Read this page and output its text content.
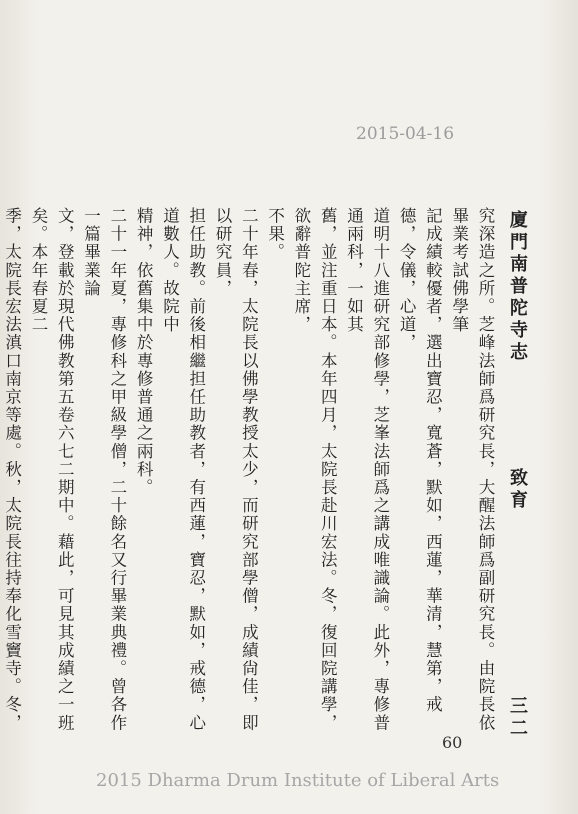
2015-04-16
廈門南普陀寺志
致育
三二
究深造之所。芝峰法師爲研究長，大醒法師爲副研究長。由院長依畢業考試佛學筆
記成績較優者，選出寶忍，寬蒼，默如，西蓮，華清，慧第，戒德，令儀，心道，
道明十八進研究部修學，芝峯法師爲之講成唯識論。此外，專修普通兩科，一如其
舊，並注重日本。本年四月，太院長赴川宏法。冬，復回院講學，欲辭普陀主席，
不果。
二十年春，太院長以佛學教授太少，而研究部學僧，成績尙佳，即以研究員，
担任助教。前後相繼担任助教者，有西蓮，寶忍，默如，戒德，心道數人。故院中
精神，依舊集中於專修普通之兩科。
二十一年夏，專修科之甲級學僧，二十餘名又行畢業典禮。曾各作一篇畢業論
文，登載於現代佛教第五卷六七二期中。藉此，可見其成績之一班矣。本年春夏二
季，太院長宏法滇口南京等處。秋，太院長往持奉化雪竇寺。冬，
60
2015 Dharma Drum Institute of Liberal Arts
